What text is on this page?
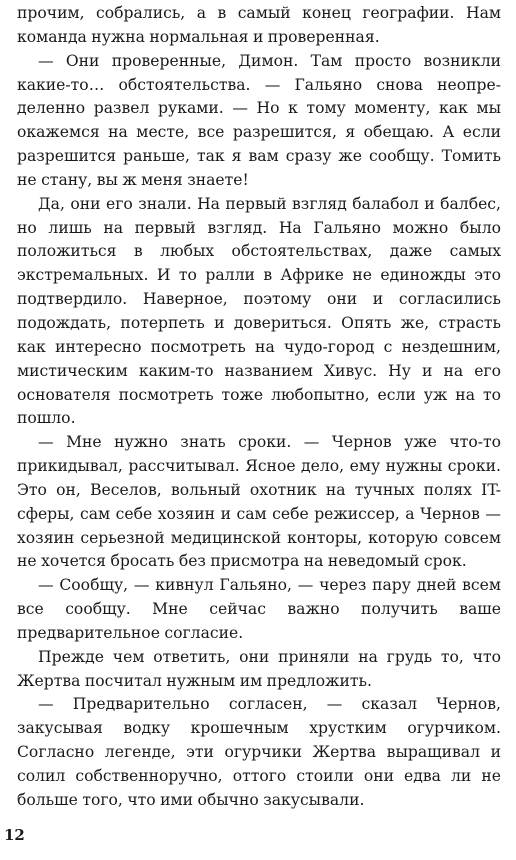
прочим, собрались, а в самый конец географии. Нам команда нужна нормальная и проверенная.

— Они проверенные, Димон. Там просто возникли какие-то… обстоятельства. — Гальяно снова неопределенно развел руками. — Но к тому моменту, как мы окажемся на месте, все разрешится, я обещаю. А если разрешится раньше, так я вам сразу же сообщу. Томить не стану, вы ж меня знаете!

Да, они его знали. На первый взгляд балабол и балбес, но лишь на первый взгляд. На Гальяно можно было положиться в любых обстоятельствах, даже самых экстремальных. И то ралли в Африке не единожды это подтвердило. Наверное, поэтому они и согласились подождать, потерпеть и довериться. Опять же, страсть как интересно посмотреть на чудо-город с нездешним, мистическим каким-то названием Хивус. Ну и на его основателя посмотреть тоже любопытно, если уж на то пошло.

— Мне нужно знать сроки. — Чернов уже что-то прикидывал, рассчитывал. Ясное дело, ему нужны сроки. Это он, Веселов, вольный охотник на тучных полях IT-сферы, сам себе хозяин и сам себе режиссер, а Чернов — хозяин серьезной медицинской конторы, которую совсем не хочется бросать без присмотра на неведомый срок.

— Сообщу, — кивнул Гальяно, — через пару дней всем все сообщу. Мне сейчас важно получить ваше предварительное согласие.

Прежде чем ответить, они приняли на грудь то, что Жертва посчитал нужным им предложить.

— Предварительно согласен, — сказал Чернов, закусывая водку крошечным хрустким огурчиком. Согласно легенде, эти огурчики Жертва выращивал и солил собственноручно, оттого стоили они едва ли не больше того, что ими обычно закусывали.

12
